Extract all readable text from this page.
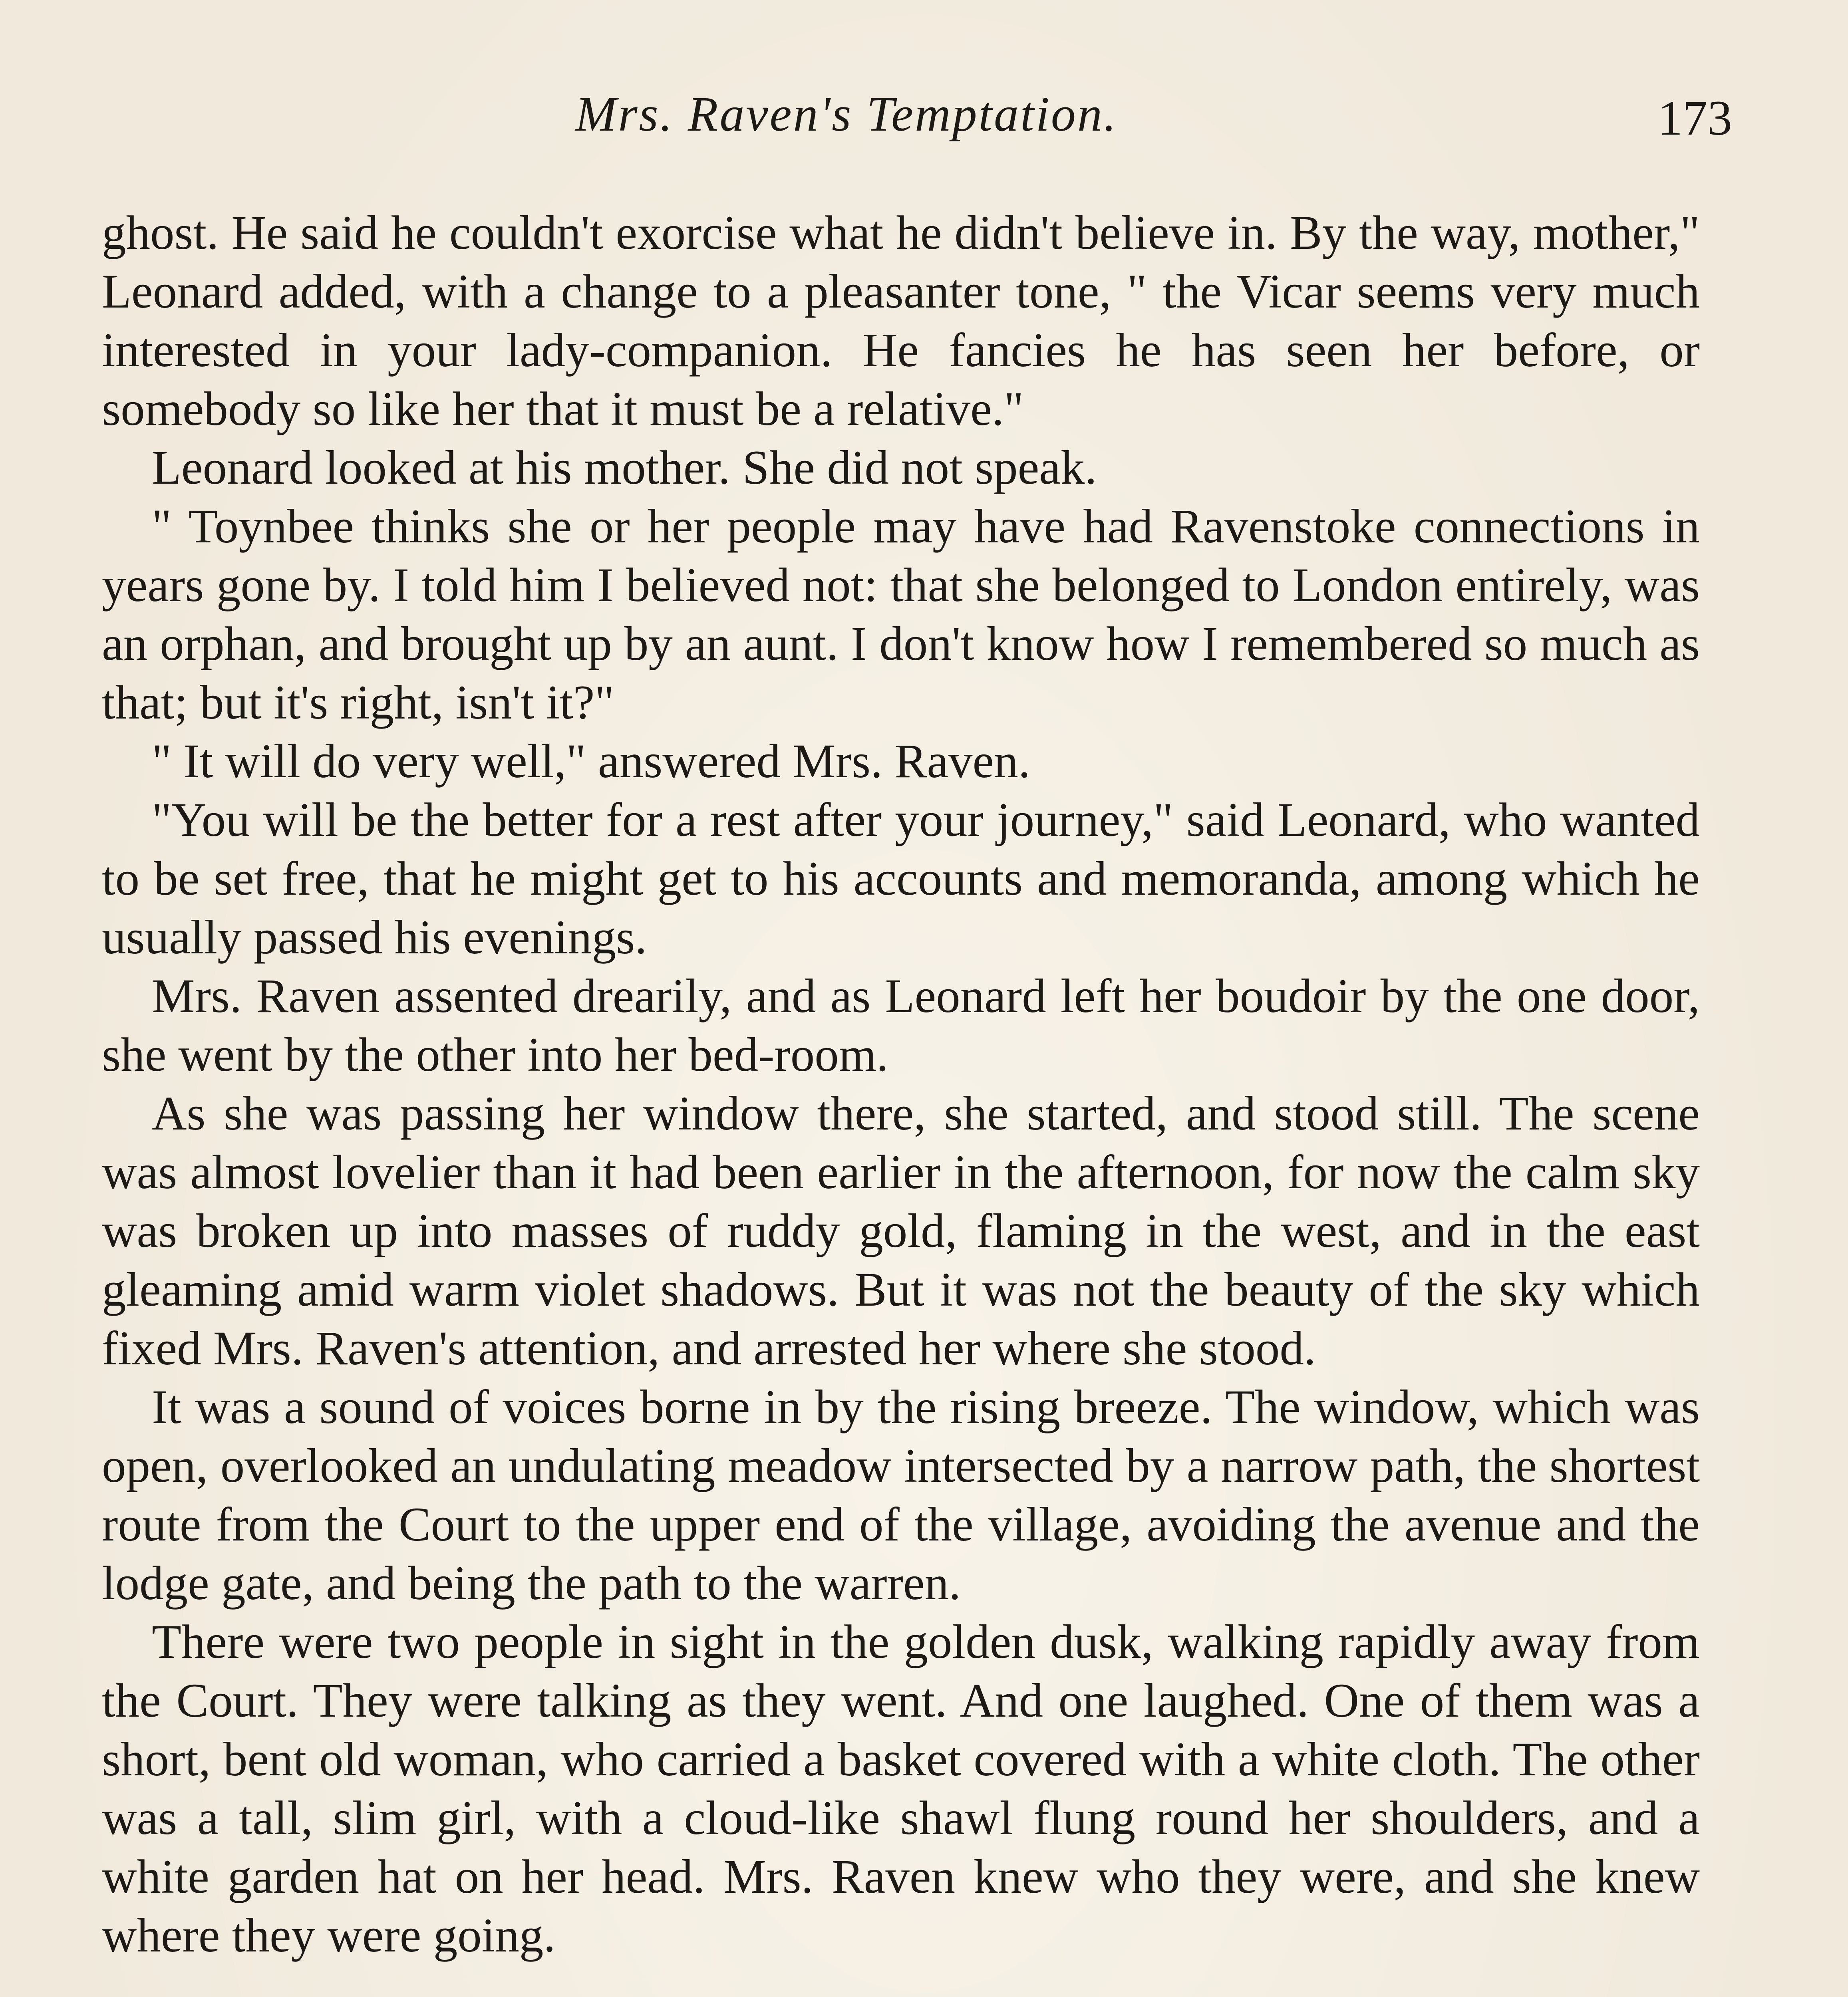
Mrs. Raven's Temptation.	173

ghost. He said he couldn't exorcise what he didn't believe in. By the way, mother," Leonard added, with a change to a pleasanter tone, " the Vicar seems very much interested in your lady-companion. He fancies he has seen her before, or somebody so like her that it must be a relative."

Leonard looked at his mother. She did not speak.

" Toynbee thinks she or her people may have had Ravenstoke connections in years gone by. I told him I believed not: that she belonged to London entirely, was an orphan, and brought up by an aunt. I don't know how I remembered so much as that; but it's right, isn't it?"

" It will do very well," answered Mrs. Raven.

"You will be the better for a rest after your journey," said Leonard, who wanted to be set free, that he might get to his accounts and memoranda, among which he usually passed his evenings.

Mrs. Raven assented drearily, and as Leonard left her boudoir by the one door, she went by the other into her bed-room.

As she was passing her window there, she started, and stood still. The scene was almost lovelier than it had been earlier in the afternoon, for now the calm sky was broken up into masses of ruddy gold, flaming in the west, and in the east gleaming amid warm violet shadows. But it was not the beauty of the sky which fixed Mrs. Raven's attention, and arrested her where she stood.

It was a sound of voices borne in by the rising breeze. The window, which was open, overlooked an undulating meadow intersected by a narrow path, the shortest route from the Court to the upper end of the village, avoiding the avenue and the lodge gate, and being the path to the warren.

There were two people in sight in the golden dusk, walking rapidly away from the Court. They were talking as they went. And one laughed. One of them was a short, bent old woman, who carried a basket covered with a white cloth. The other was a tall, slim girl, with a cloud-like shawl flung round her shoulders, and a white garden hat on her head. Mrs. Raven knew who they were, and she knew where they were going.
